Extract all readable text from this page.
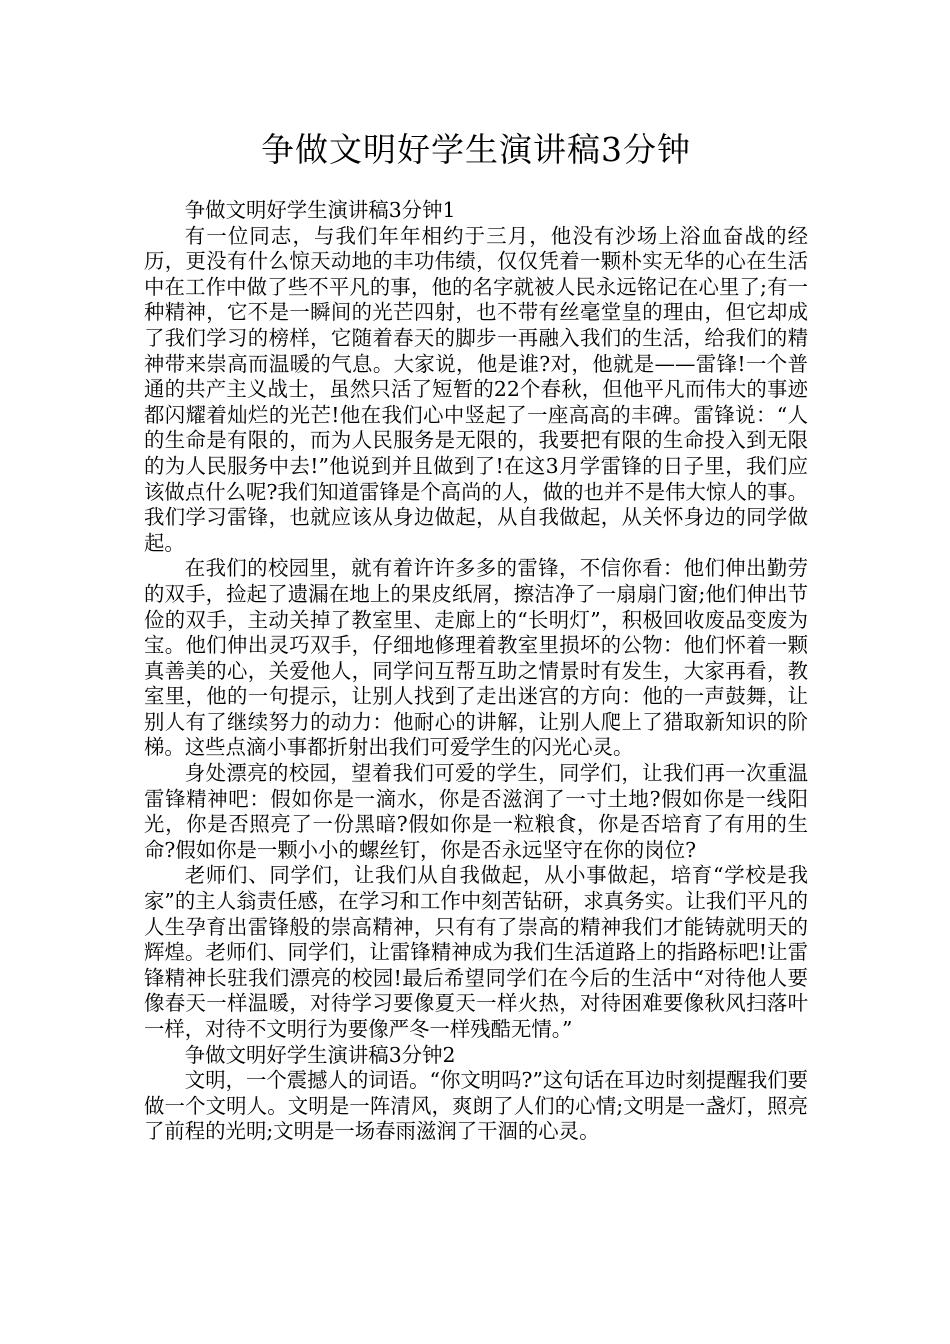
争做文明好学生演讲稿3分钟

争做文明好学生演讲稿3分钟1

有一位同志，与我们年年相约于三月，他没有沙场上浴血奋战的经历，更没有什么惊天动地的丰功伟绩，仅仅凭着一颗朴实无华的心在生活中在工作中做了些不平凡的事，他的名字就被人民永远铭记在心里了;有一种精神，它不是一瞬间的光芒四射，也不带有丝毫堂皇的理由，但它却成了我们学习的榜样，它随着春天的脚步一再融入我们的生活，给我们的精神带来崇高而温暖的气息。大家说，他是谁?对，他就是——雷锋!一个普通的共产主义战士，虽然只活了短暂的22个春秋，但他平凡而伟大的事迹都闪耀着灿烂的光芒!他在我们心中竖起了一座高高的丰碑。雷锋说：“人的生命是有限的，而为人民服务是无限的，我要把有限的生命投入到无限的为人民服务中去!”他说到并且做到了!在这3月学雷锋的日子里，我们应该做点什么呢?我们知道雷锋是个高尚的人，做的也并不是伟大惊人的事。我们学习雷锋，也就应该从身边做起，从自我做起，从关怀身边的同学做起。

在我们的校园里，就有着许许多多的雷锋，不信你看：他们伸出勤劳的双手，捡起了遗漏在地上的果皮纸屑，擦洁净了一扇扇门窗;他们伸出节俭的双手，主动关掉了教室里、走廊上的“长明灯”，积极回收废品变废为宝。他们伸出灵巧双手，仔细地修理着教室里损坏的公物：他们怀着一颗真善美的心，关爱他人，同学问互帮互助之情景时有发生，大家再看，教室里，他的一句提示，让别人找到了走出迷宫的方向：他的一声鼓舞，让别人有了继续努力的动力：他耐心的讲解，让别人爬上了猎取新知识的阶梯。这些点滴小事都折射出我们可爱学生的闪光心灵。

身处漂亮的校园，望着我们可爱的学生，同学们，让我们再一次重温雷锋精神吧：假如你是一滴水，你是否滋润了一寸土地?假如你是一线阳光，你是否照亮了一份黑暗?假如你是一粒粮食，你是否培育了有用的生命?假如你是一颗小小的螺丝钉，你是否永远坚守在你的岗位?

老师们、同学们，让我们从自我做起，从小事做起，培育“学校是我家”的主人翁责任感，在学习和工作中刻苦钻研，求真务实。让我们平凡的人生孕育出雷锋般的崇高精神，只有有了崇高的精神我们才能铸就明天的辉煌。老师们、同学们，让雷锋精神成为我们生活道路上的指路标吧!让雷锋精神长驻我们漂亮的校园!最后希望同学们在今后的生活中“对待他人要像春天一样温暖，对待学习要像夏天一样火热，对待困难要像秋风扫落叶一样，对待不文明行为要像严冬一样残酷无情。”

争做文明好学生演讲稿3分钟2

文明，一个震撼人的词语。“你文明吗?”这句话在耳边时刻提醒我们要做一个文明人。文明是一阵清风，爽朗了人们的心情;文明是一盏灯，照亮了前程的光明;文明是一场春雨滋润了干涸的心灵。
